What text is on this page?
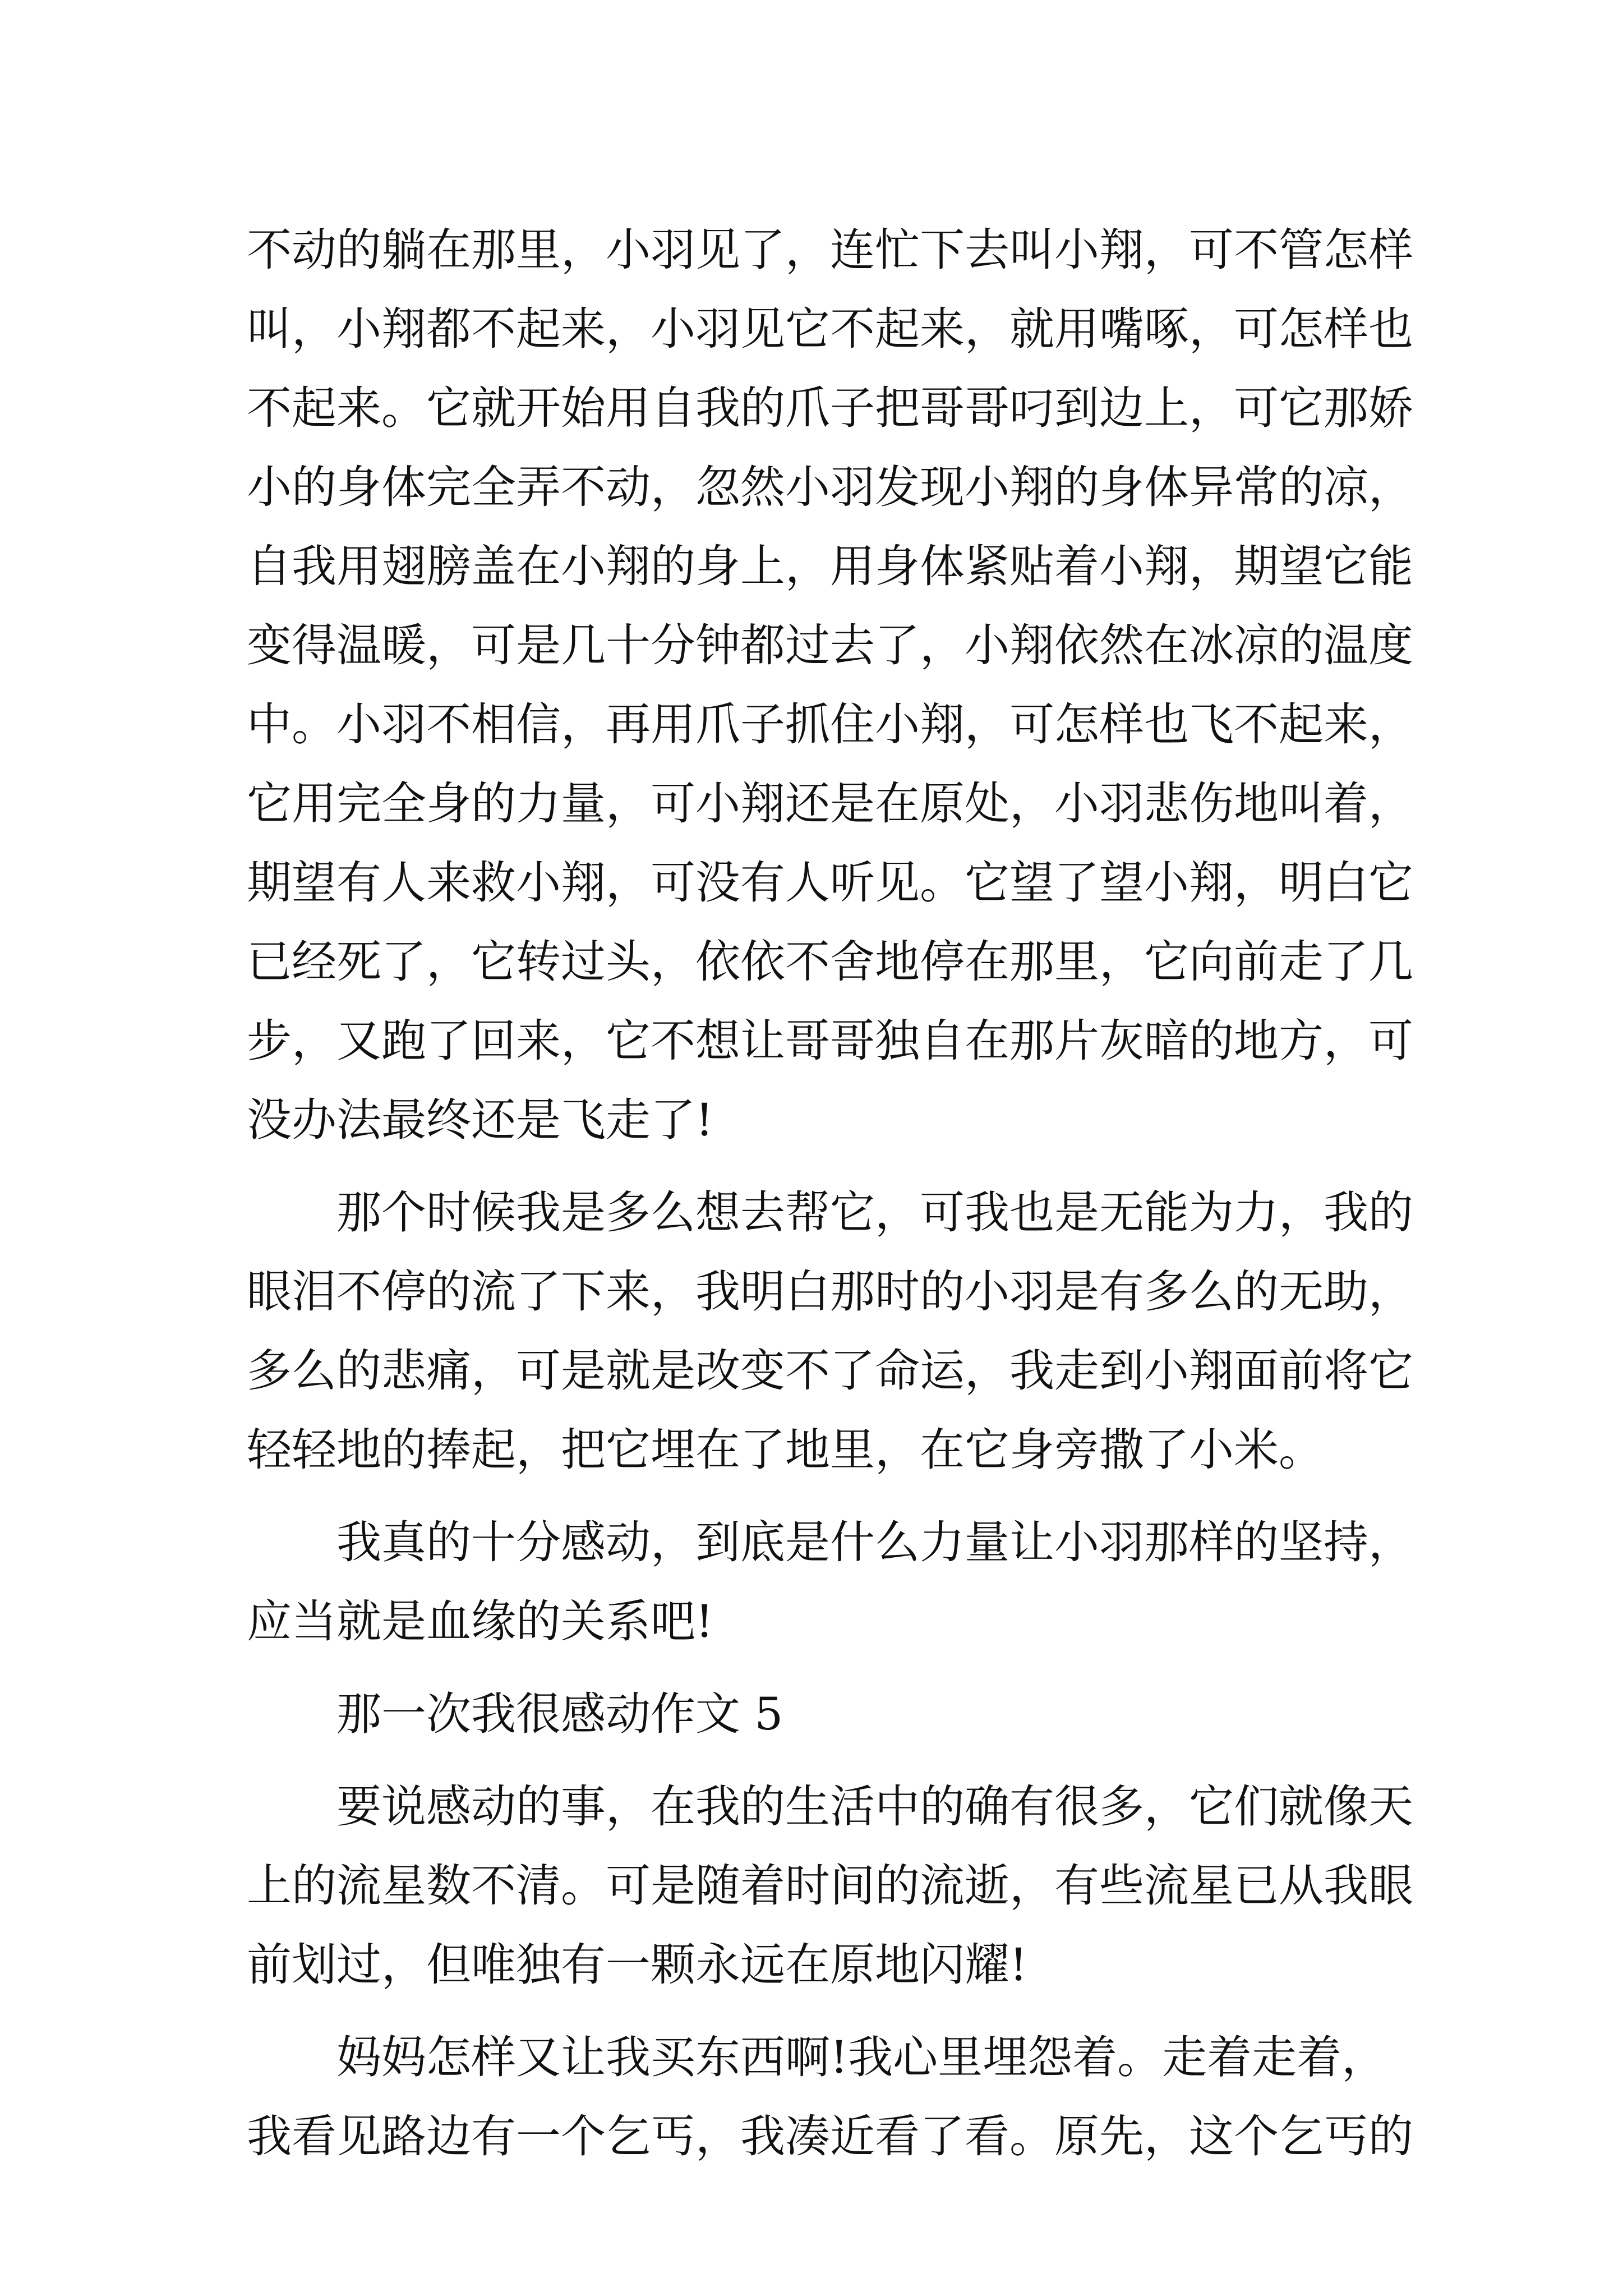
不动的躺在那里，小羽见了，连忙下去叫小翔，可不管怎样
叫，小翔都不起来，小羽见它不起来，就用嘴啄，可怎样也
不起来。它就开始用自我的爪子把哥哥叼到边上，可它那娇
小的身体完全弄不动，忽然小羽发现小翔的身体异常的凉，
自我用翅膀盖在小翔的身上，用身体紧贴着小翔，期望它能
变得温暖，可是几十分钟都过去了，小翔依然在冰凉的温度
中。小羽不相信，再用爪子抓住小翔，可怎样也飞不起来，
它用完全身的力量，可小翔还是在原处，小羽悲伤地叫着，
期望有人来救小翔，可没有人听见。它望了望小翔，明白它
已经死了，它转过头，依依不舍地停在那里，它向前走了几
步，又跑了回来，它不想让哥哥独自在那片灰暗的地方，可
没办法最终还是飞走了!
那个时候我是多么想去帮它，可我也是无能为力，我的
眼泪不停的流了下来，我明白那时的小羽是有多么的无助，
多么的悲痛，可是就是改变不了命运，我走到小翔面前将它
轻轻地的捧起，把它埋在了地里，在它身旁撒了小米。
我真的十分感动，到底是什么力量让小羽那样的坚持，
应当就是血缘的关系吧!
那一次我很感动作文 5
要说感动的事，在我的生活中的确有很多，它们就像天
上的流星数不清。可是随着时间的流逝，有些流星已从我眼
前划过，但唯独有一颗永远在原地闪耀!
妈妈怎样又让我买东西啊!我心里埋怨着。走着走着，
我看见路边有一个乞丐，我凑近看了看。原先，这个乞丐的
